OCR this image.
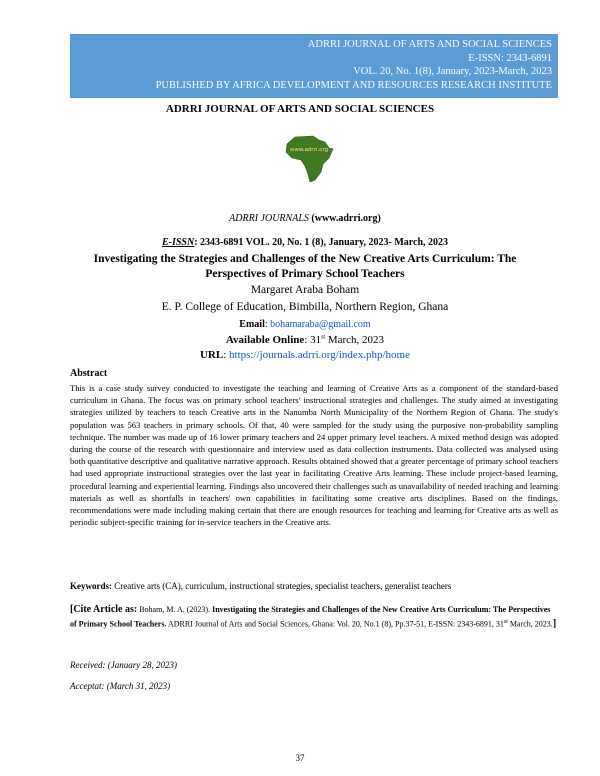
ADRRI JOURNAL OF ARTS AND SOCIAL SCIENCES
E-ISSN: 2343-6891
VOL. 20, No. 1(8), January, 2023-March, 2023
PUBLISHED BY AFRICA DEVELOPMENT AND RESOURCES RESEARCH INSTITUTE
ADRRI JOURNAL OF ARTS AND SOCIAL SCIENCES
www.adrri.org
ADRRI JOURNALS (www.adrri.org)
E-ISSN: 2343-6891 VOL. 20, No. 1 (8), January, 2023- March, 2023
Investigating the Strategies and Challenges of the New Creative Arts Curriculum: The
Perspectives of Primary School Teachers
Margaret Araba Boham
E. P. College of Education, Bimbilla, Northern Region, Ghana
Email: bohamaraba@gmail.com
Available Online: 31st March, 2023
URL: https://journals.adrri.org/index.php/home
Abstract
This is a case study survey conducted to investigate the teaching and learning of Creative Arts as a component of the standard-based curriculum in Ghana. The focus was on primary school teachers' instructional strategies and challenges. The study aimed at investigating strategies utilized by teachers to teach Creative arts in the Nanumba North Municipality of the Northern Region of Ghana. The study's population was 563 teachers in primary schools. Of that, 40 were sampled for the study using the purposive non-probability sampling technique. The number was made up of 16 lower primary teachers and 24 upper primary level teachers. A mixed method design was adopted during the course of the research with questionnaire and interview used as data collection instruments. Data collected was analysed using both quantitative descriptive and qualitative narrative approach. Results obtained showed that a greater percentage of primary school teachers had used appropriate instructional strategies over the last year in facilitating Creative Arts learning. These include project-based learning, procedural learning and experiential learning. Findings also uncovered their challenges such as unavailability of needed teaching and learning materials as well as shortfalls in teachers' own capabilities in facilitating some creative arts disciplines. Based on the findings, recommendations were made including making certain that there are enough resources for teaching and learning for Creative arts as well as periodic subject-specific training for in-service teachers in the Creative arts.
Keywords: Creative arts (CA), curriculum, instructional strategies, specialist teachers, generalist teachers
[Cite Article as: Boham, M. A. (2023). Investigating the Strategies and Challenges of the New Creative Arts Curriculum: The Perspectives of Primary School Teachers. ADRRI Journal of Arts and Social Sciences, Ghana: Vol. 20, No.1 (8), Pp.37-51, E-ISSN: 2343-6891, 31st March, 2023.]
Received: (January 28, 2023)
Acceptat: (March 31, 2023)
37
